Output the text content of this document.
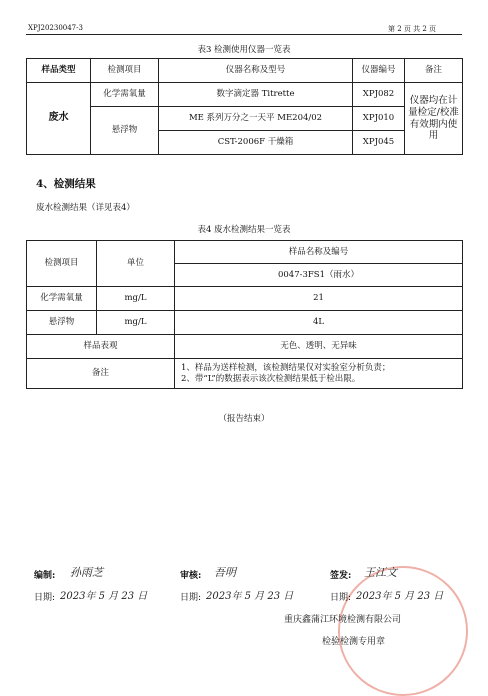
XPJ20230047-3	第 2 页 共 2 页
表3 检测使用仪器一览表
样品类型	检测项目	仪器名称及型号	仪器编号	备注
废水	化学需氧量	数字滴定器 Titrette	XPJ082	仪器均在计量检定/校准有效期内使用
	悬浮物	ME 系列万分之一天平 ME204/02	XPJ010	
		CST-2006F 干燥箱	XPJ045	
4、检测结果
废水检测结果（详见表4）
表4 废水检测结果一览表
检测项目	单位	样品名称及编号
		0047-3FS1（雨水）
化学需氧量	mg/L	21
悬浮物	mg/L	4L
样品表观		无色、透明、无异味
备注		1、样品为送样检测，该检测结果仅对实验室分析负责；
2、带“L”的数据表示该次检测结果低于检出限。
（报告结束）
编制: 孙雨芝	审核: 吾明	签发: 王江文
日期: 2023年 5 月 23 日	日期: 2023年 5 月 23 日	日期: 2023年 5 月 23 日
重庆鑫蒲江环境检测有限公司
检验检测专用章
